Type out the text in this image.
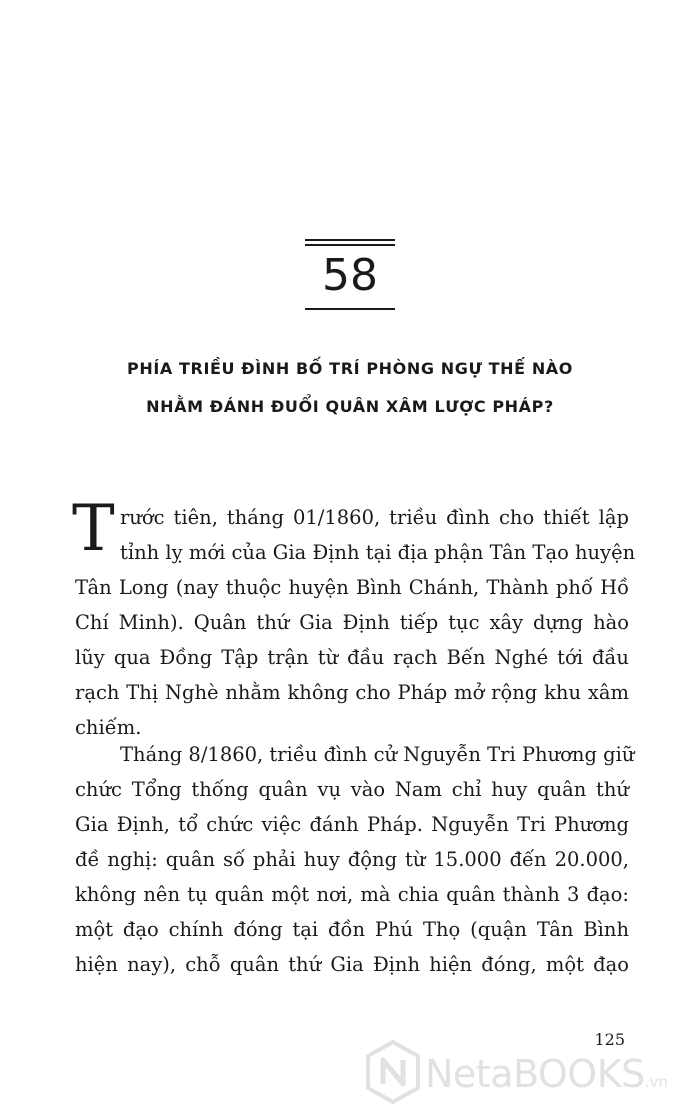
58
PHÍA TRIỀU ĐÌNH BỐ TRÍ PHÒNG NGỰ THẾ NÀO
NHẰM ĐÁNH ĐUỔI QUÂN XÂM LƯỢC PHÁP?
T rước tiên, tháng 01/1860, triều đình cho thiết lập
tỉnh lỵ mới của Gia Định tại địa phận Tân Tạo huyện
Tân Long (nay thuộc huyện Bình Chánh, Thành phố Hồ
Chí Minh). Quân thứ Gia Định tiếp tục xây dựng hào
lũy qua Đồng Tập trận từ đầu rạch Bến Nghé tới đầu
rạch Thị Nghè nhằm không cho Pháp mở rộng khu xâm
chiếm.
Tháng 8/1860, triều đình cử Nguyễn Tri Phương giữ
chức Tổng thống quân vụ vào Nam chỉ huy quân thứ
Gia Định, tổ chức việc đánh Pháp. Nguyễn Tri Phương
đề nghị: quân số phải huy động từ 15.000 đến 20.000,
không nên tụ quân một nơi, mà chia quân thành 3 đạo:
một đạo chính đóng tại đồn Phú Thọ (quận Tân Bình
hiện nay), chỗ quân thứ Gia Định hiện đóng, một đạo
125
NetaBOOKS.vn
